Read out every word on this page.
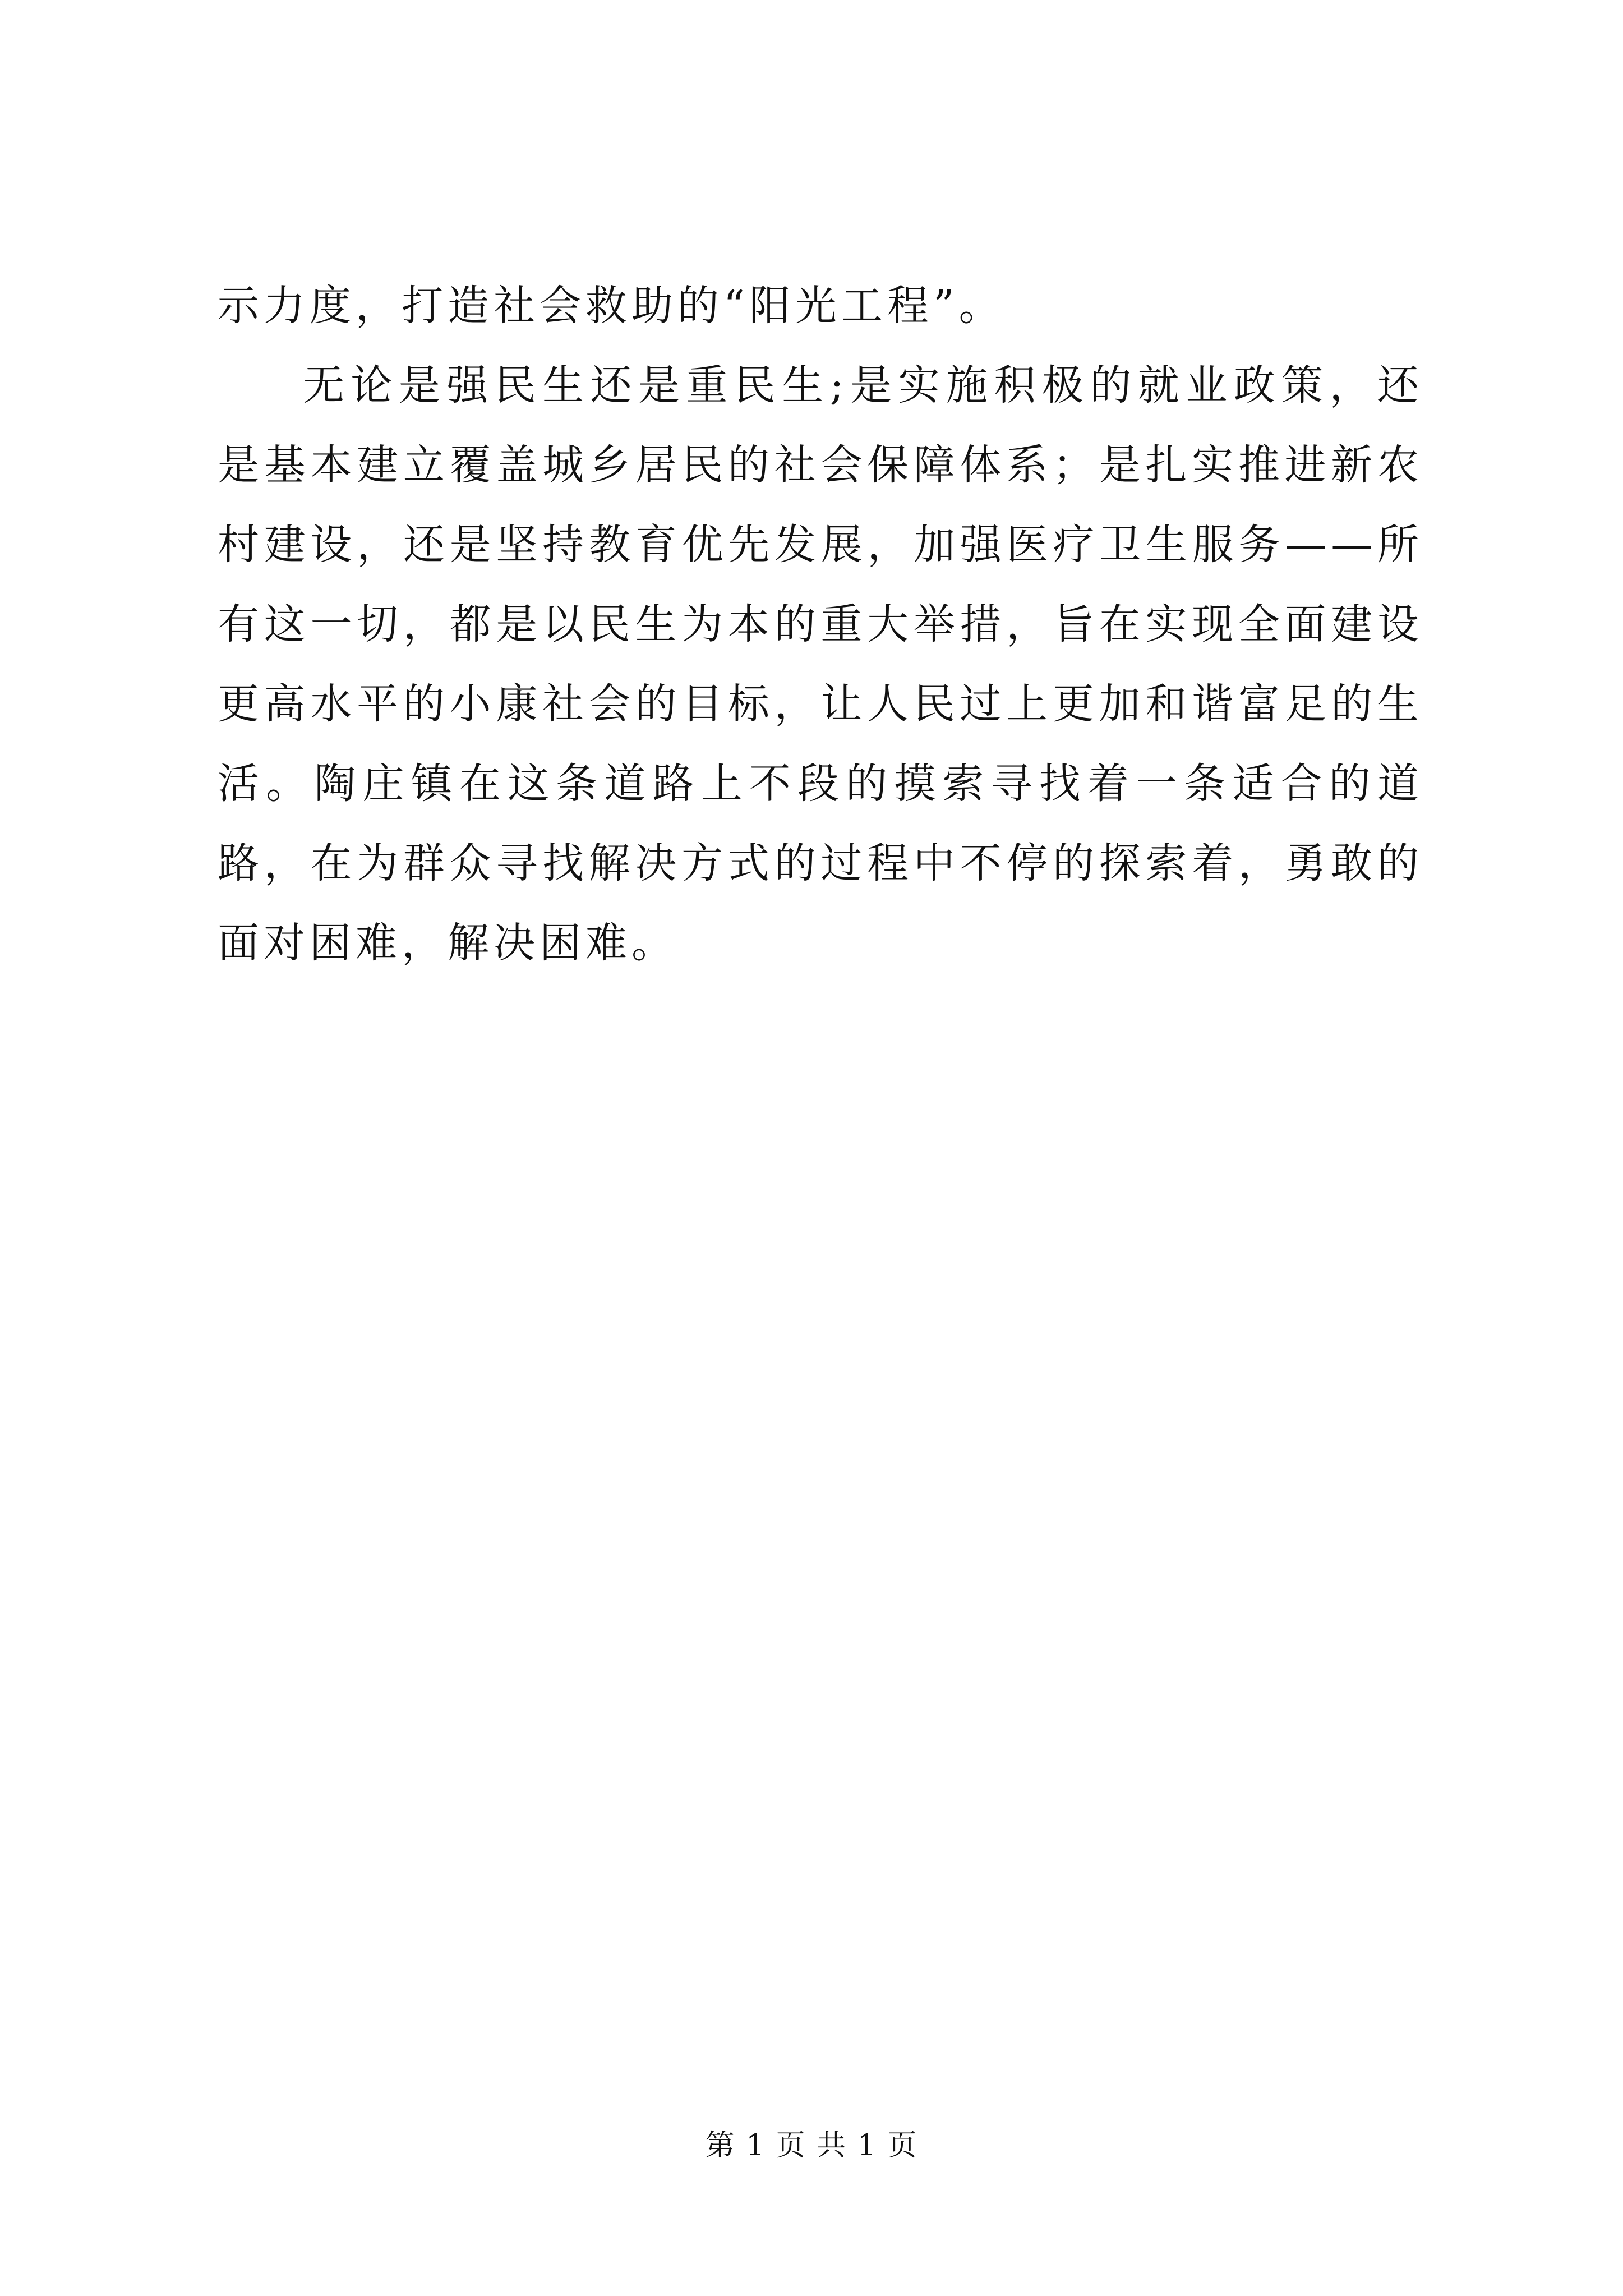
示力度，打造社会救助的“阳光工程”。

无论是强民生还是重民生;是实施积极的就业政策，还是基本建立覆盖城乡居民的社会保障体系；是扎实推进新农村建设，还是坚持教育优先发展，加强医疗卫生服务——所有这一切，都是以民生为本的重大举措，旨在实现全面建设更高水平的小康社会的目标，让人民过上更加和谐富足的生活。陶庄镇在这条道路上不段的摸索寻找着一条适合的道路，在为群众寻找解决方式的过程中不停的探索着，勇敢的面对困难，解决困难。

第 1 页 共 1 页
